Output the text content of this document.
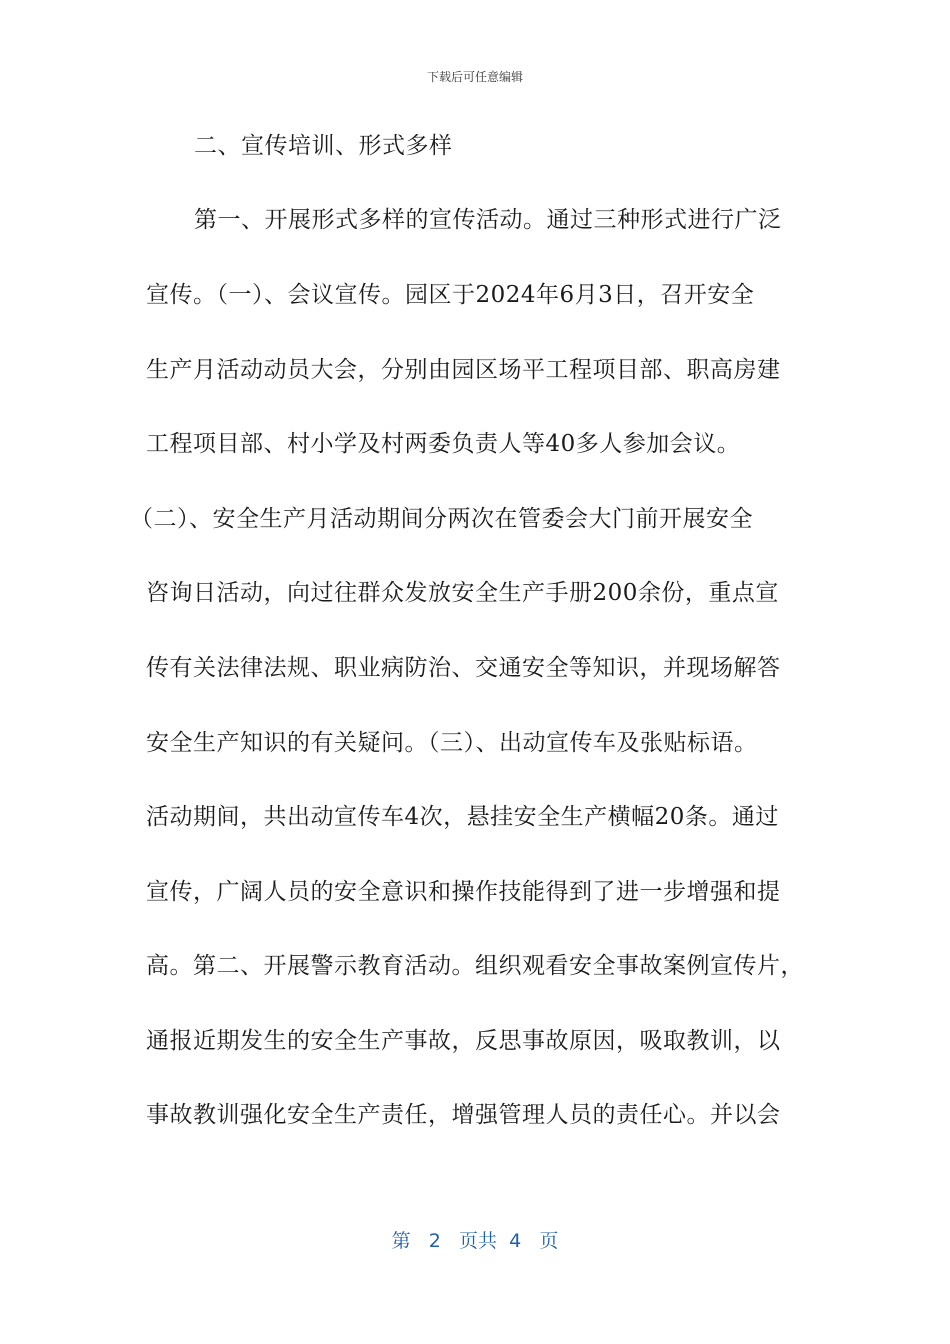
下载后可任意编辑
二、宣传培训、形式多样
第一、开展形式多样的宣传活动。通过三种形式进行广泛
宣传。（一）、会议宣传。园区于2024年6月3日，召开安全
生产月活动动员大会，分别由园区场平工程项目部、职高房建
工程项目部、村小学及村两委负责人等40多人参加会议。
（二）、安全生产月活动期间分两次在管委会大门前开展安全
咨询日活动，向过往群众发放安全生产手册200余份，重点宣
传有关法律法规、职业病防治、交通安全等知识，并现场解答
安全生产知识的有关疑问。（三）、出动宣传车及张贴标语。
活动期间，共出动宣传车4次，悬挂安全生产横幅20条。通过
宣传，广阔人员的安全意识和操作技能得到了进一步增强和提
高。第二、开展警示教育活动。组织观看安全事故案例宣传片，
通报近期发生的安全生产事故，反思事故原因，吸取教训，以
事故教训强化安全生产责任，增强管理人员的责任心。并以会
第 2 页共 4 页
